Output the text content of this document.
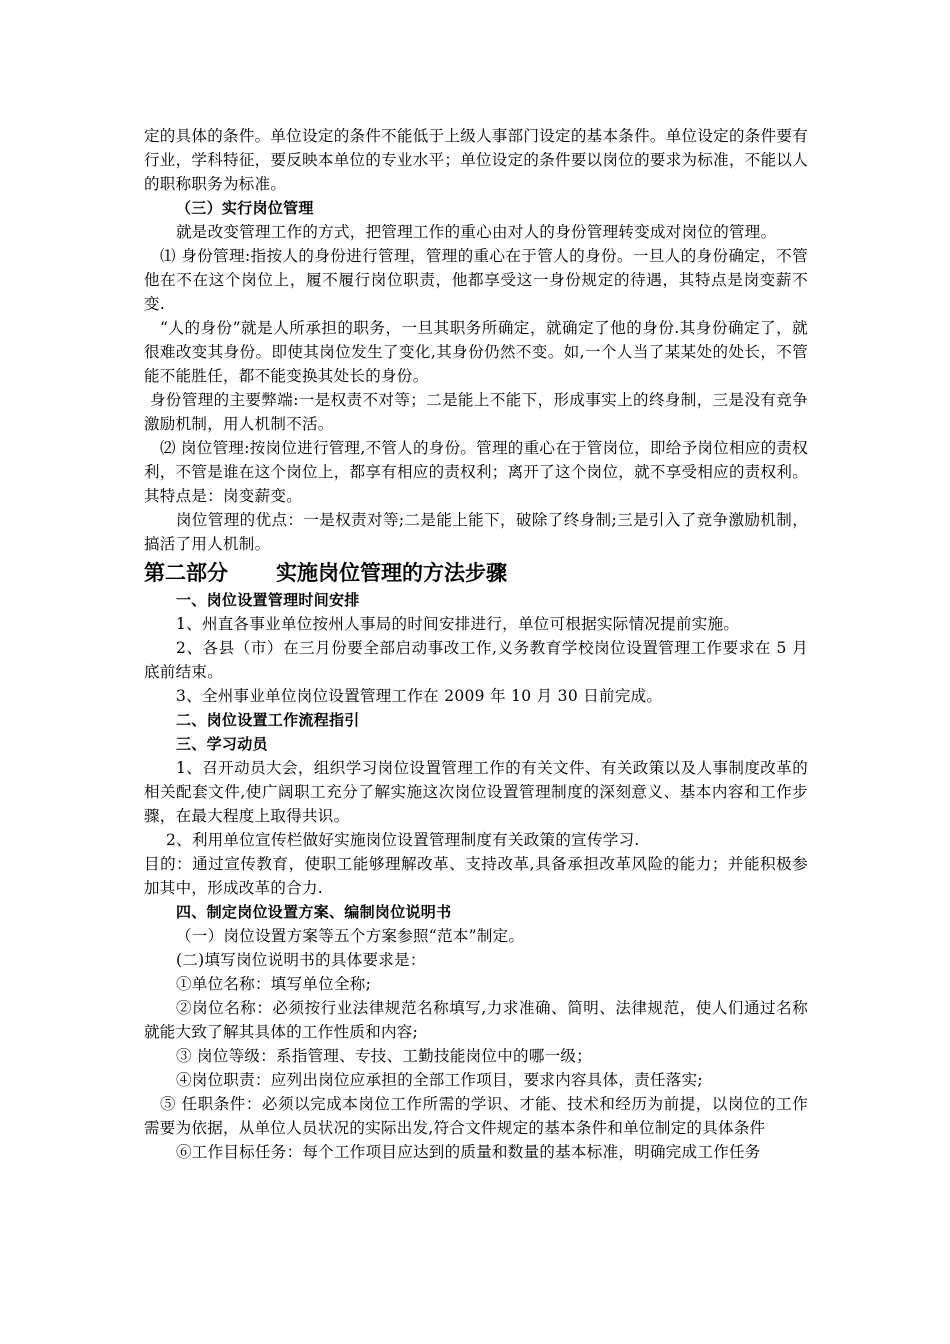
定的具体的条件。单位设定的条件不能低于上级人事部门设定的基本条件。单位设定的条件要有行业，学科特征，要反映本单位的专业水平；单位设定的条件要以岗位的要求为标准，不能以人的职称职务为标准。

（三）实行岗位管理

就是改变管理工作的方式，把管理工作的重心由对人的身份管理转变成对岗位的管理。

⑴ 身份管理:指按人的身份进行管理，管理的重心在于管人的身份。一旦人的身份确定，不管他在不在这个岗位上，履不履行岗位职责，他都享受这一身份规定的待遇，其特点是岗变薪不变.

“人的身份”就是人所承担的职务，一旦其职务所确定，就确定了他的身份.其身份确定了，就很难改变其身份。即使其岗位发生了变化,其身份仍然不变。如,一个人当了某某处的处长，不管能不能胜任，都不能变换其处长的身份。

身份管理的主要弊端:一是权责不对等；二是能上不能下，形成事实上的终身制，三是没有竞争激励机制，用人机制不活。

⑵ 岗位管理:按岗位进行管理,不管人的身份。管理的重心在于管岗位，即给予岗位相应的责权利，不管是谁在这个岗位上，都享有相应的责权利；离开了这个岗位，就不享受相应的责权利。其特点是：岗变薪变。

岗位管理的优点：一是权责对等;二是能上能下，破除了终身制;三是引入了竞争激励机制，搞活了用人机制。

第二部分 实施岗位管理的方法步骤

一、岗位设置管理时间安排

1、州直各事业单位按州人事局的时间安排进行，单位可根据实际情况提前实施。

2、各县（市）在三月份要全部启动事改工作,义务教育学校岗位设置管理工作要求在 5 月底前结束。

3、全州事业单位岗位设置管理工作在 2009 年 10 月 30 日前完成。

二、岗位设置工作流程指引

三、学习动员

1、召开动员大会，组织学习岗位设置管理工作的有关文件、有关政策以及人事制度改革的相关配套文件,使广阔职工充分了解实施这次岗位设置管理制度的深刻意义、基本内容和工作步骤，在最大程度上取得共识。

2、利用单位宣传栏做好实施岗位设置管理制度有关政策的宣传学习.

目的：通过宣传教育，使职工能够理解改革、支持改革,具备承担改革风险的能力；并能积极参加其中，形成改革的合力.

四、制定岗位设置方案、编制岗位说明书

（一）岗位设置方案等五个方案参照“范本”制定。

(二)填写岗位说明书的具体要求是：

①单位名称：填写单位全称;

②岗位名称：必须按行业法律规范名称填写,力求准确、简明、法律规范，使人们通过名称就能大致了解其具体的工作性质和内容;

③ 岗位等级：系指管理、专技、工勤技能岗位中的哪一级；

④岗位职责：应列出岗位应承担的全部工作项目，要求内容具体，责任落实;

⑤ 任职条件：必须以完成本岗位工作所需的学识、才能、技术和经历为前提，以岗位的工作需要为依据，从单位人员状况的实际出发,符合文件规定的基本条件和单位制定的具体条件

⑥工作目标任务：每个工作项目应达到的质量和数量的基本标准，明确完成工作任务
